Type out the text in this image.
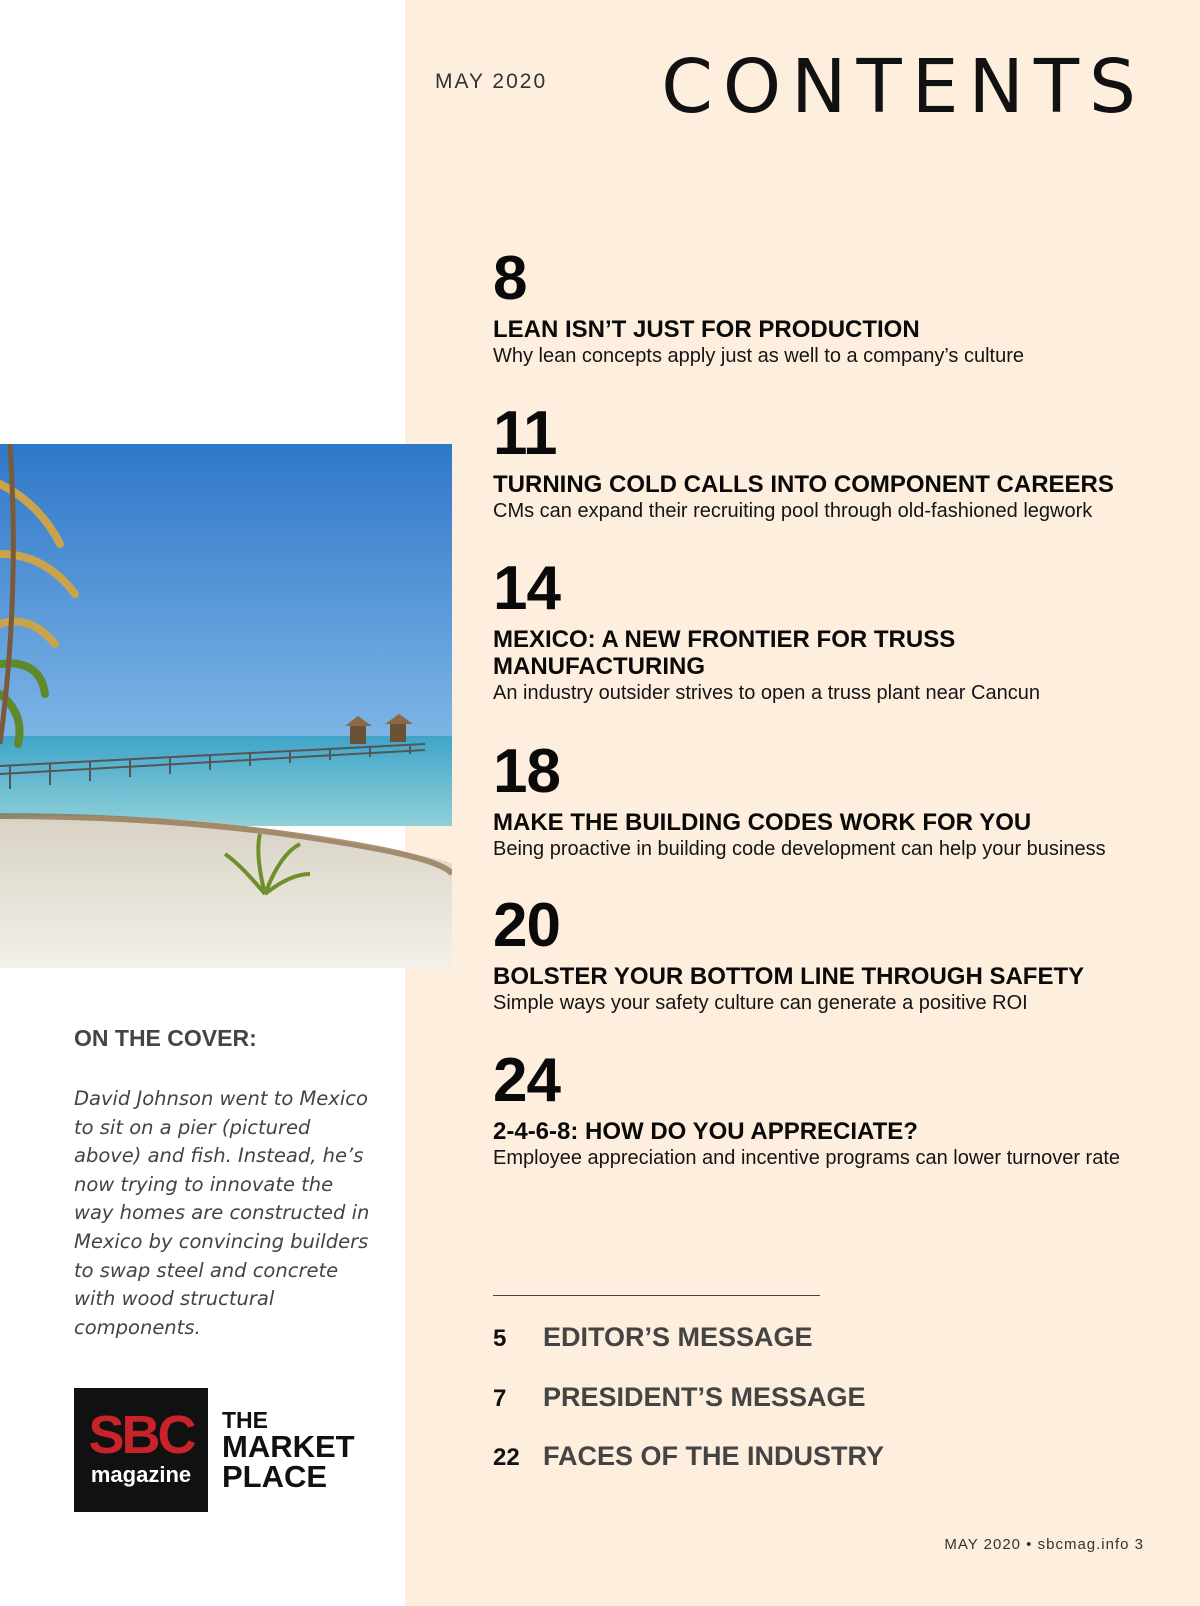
MAY 2020 CONTENTS
8
LEAN ISN’T JUST FOR PRODUCTION
Why lean concepts apply just as well to a company’s culture
11
TURNING COLD CALLS INTO COMPONENT CAREERS
CMs can expand their recruiting pool through old-fashioned legwork
14
MEXICO: A NEW FRONTIER FOR TRUSS MANUFACTURING
An industry outsider strives to open a truss plant near Cancun
18
MAKE THE BUILDING CODES WORK FOR YOU
Being proactive in building code development can help your business
20
BOLSTER YOUR BOTTOM LINE THROUGH SAFETY
Simple ways your safety culture can generate a positive ROI
24
2-4-6-8: HOW DO YOU APPRECIATE?
Employee appreciation and incentive programs can lower turnover rate
ON THE COVER:
David Johnson went to Mexico to sit on a pier (pictured above) and fish. Instead, he’s now trying to innovate the way homes are constructed in Mexico by convincing builders to swap steel and concrete with wood structural components.
SBC
magazine
THE
MARKET
PLACE
5 EDITOR’S MESSAGE
7 PRESIDENT’S MESSAGE
22 FACES OF THE INDUSTRY
MAY 2020 • sbcmag.info 3
